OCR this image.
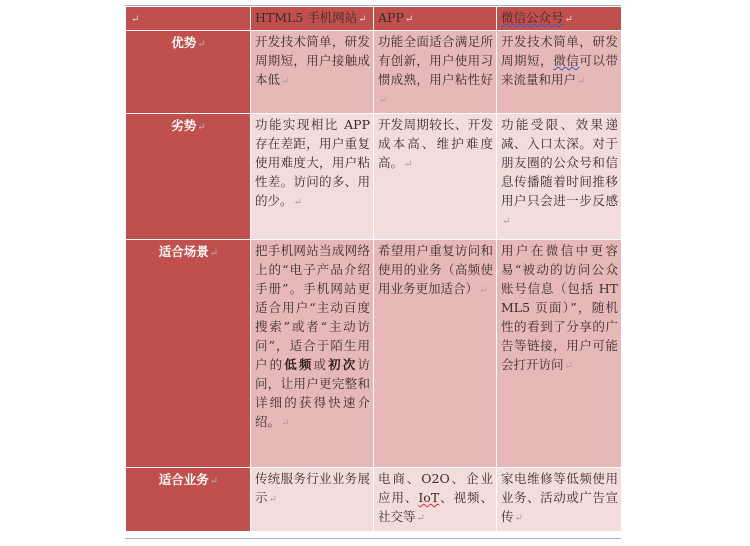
↵	HTML5 手机网站↵	APP↵	微信公众号↵
优势↵	开发技术简单，研发周期短，用户接触成本低↵	功能全面适合满足所有创新，用户使用习惯成熟，用户粘性好↵	开发技术简单，研发周期短，微信可以带来流量和用户↵
劣势↵	功能实现相比 APP 存在差距，用户重复使用难度大，用户粘性差。访问的多、用的少。↵	开发周期较长、开发成本高、维护难度高。↵	功能受限、效果递减、入口太深。对于朋友圈的公众号和信息传播随着时间推移用户只会进一步反感↵
适合场景↵	把手机网站当成网络上的“电子产品介绍手册”。手机网站更适合用户“主动百度搜索”或者“主动访问”，适合于陌生用户的低频或初次访问，让用户更完整和详细的获得快速介绍。↵	希望用户重复访问和使用的业务（高频使用业务更加适合）↵	用户在微信中更容易“被动的访问公众账号信息（包括 HTML5 页面）”，随机性的看到了分享的广告等链接，用户可能会打开访问↵
适合业务↵	传统服务行业业务展示↵	电商、O2O、企业应用、IoT、视频、社交等↵	家电维修等低频使用业务、活动或广告宣传↵
